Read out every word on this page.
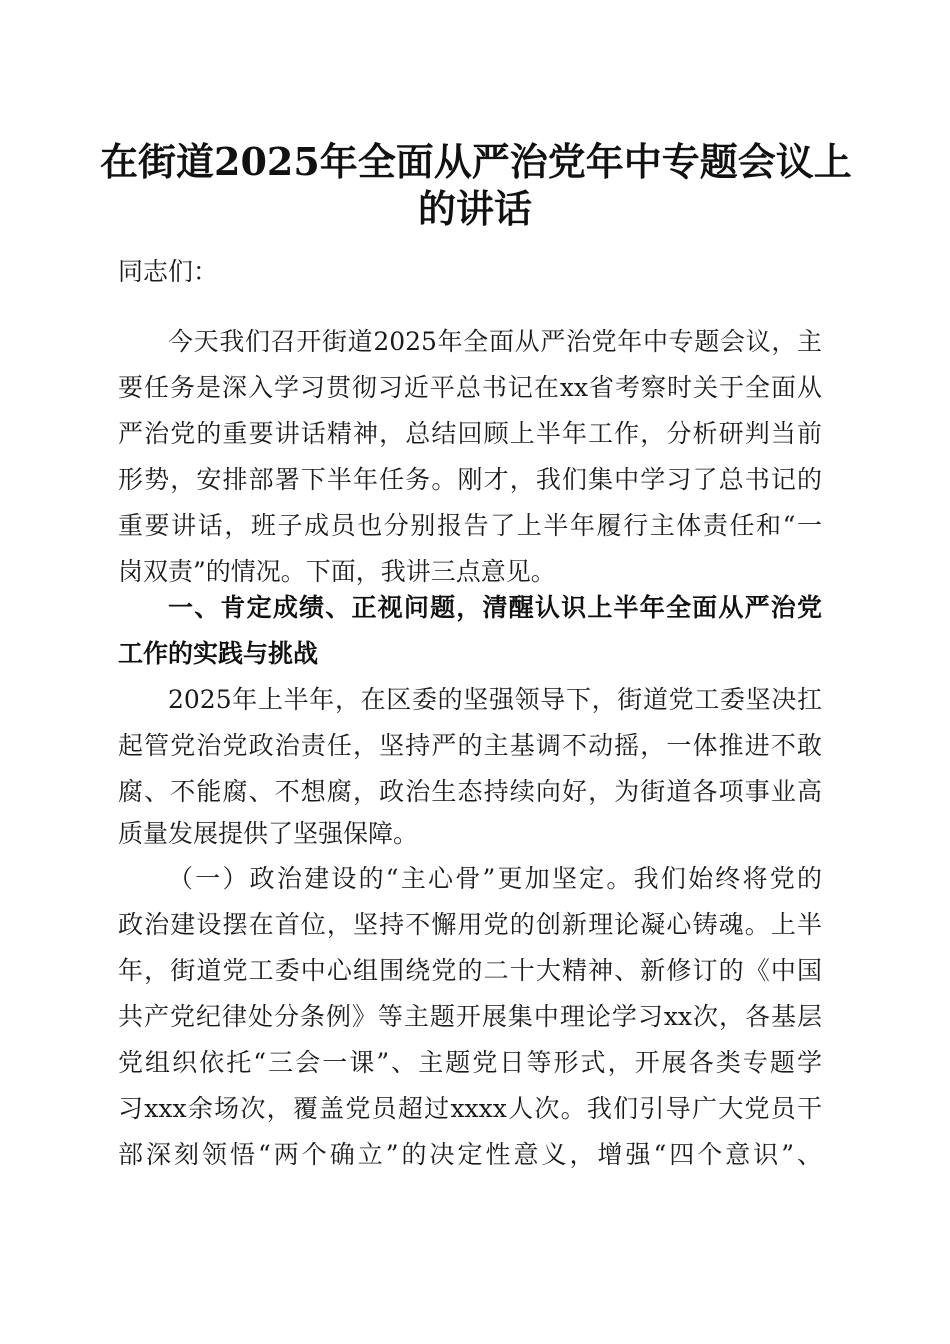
在街道2025年全面从严治党年中专题会议上
的讲话
同志们：
今天我们召开街道2025年全面从严治党年中专题会议，主
要任务是深入学习贯彻习近平总书记在xx省考察时关于全面从
严治党的重要讲话精神，总结回顾上半年工作，分析研判当前
形势，安排部署下半年任务。刚才，我们集中学习了总书记的
重要讲话，班子成员也分别报告了上半年履行主体责任和“一
岗双责”的情况。下面，我讲三点意见。
一、肯定成绩、正视问题，清醒认识上半年全面从严治党
工作的实践与挑战
2025年上半年，在区委的坚强领导下，街道党工委坚决扛
起管党治党政治责任，坚持严的主基调不动摇，一体推进不敢
腐、不能腐、不想腐，政治生态持续向好，为街道各项事业高
质量发展提供了坚强保障。
（一）政治建设的“主心骨”更加坚定。我们始终将党的
政治建设摆在首位，坚持不懈用党的创新理论凝心铸魂。上半
年，街道党工委中心组围绕党的二十大精神、新修订的《中国
共产党纪律处分条例》等主题开展集中理论学习xx次，各基层
党组织依托“三会一课”、主题党日等形式，开展各类专题学
习xxx余场次，覆盖党员超过xxxx人次。我们引导广大党员干
部深刻领悟“两个确立”的决定性意义，增强“四个意识”、
